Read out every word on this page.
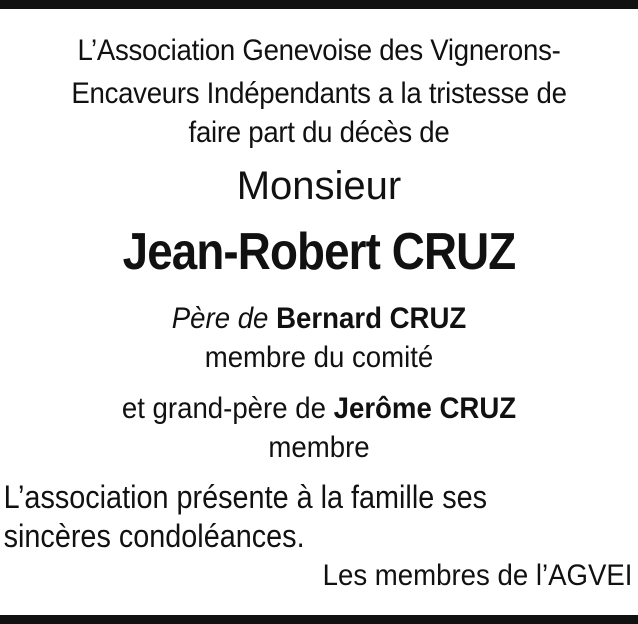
L’Association Genevoise des Vignerons-
Encaveurs Indépendants a la tristesse de
faire part du décès de
Monsieur
Jean-Robert CRUZ
Père de Bernard CRUZ
membre du comité
et grand-père de Jerôme CRUZ
membre
L’association présente à la famille ses
sincères condoléances.
Les membres de l’AGVEI
